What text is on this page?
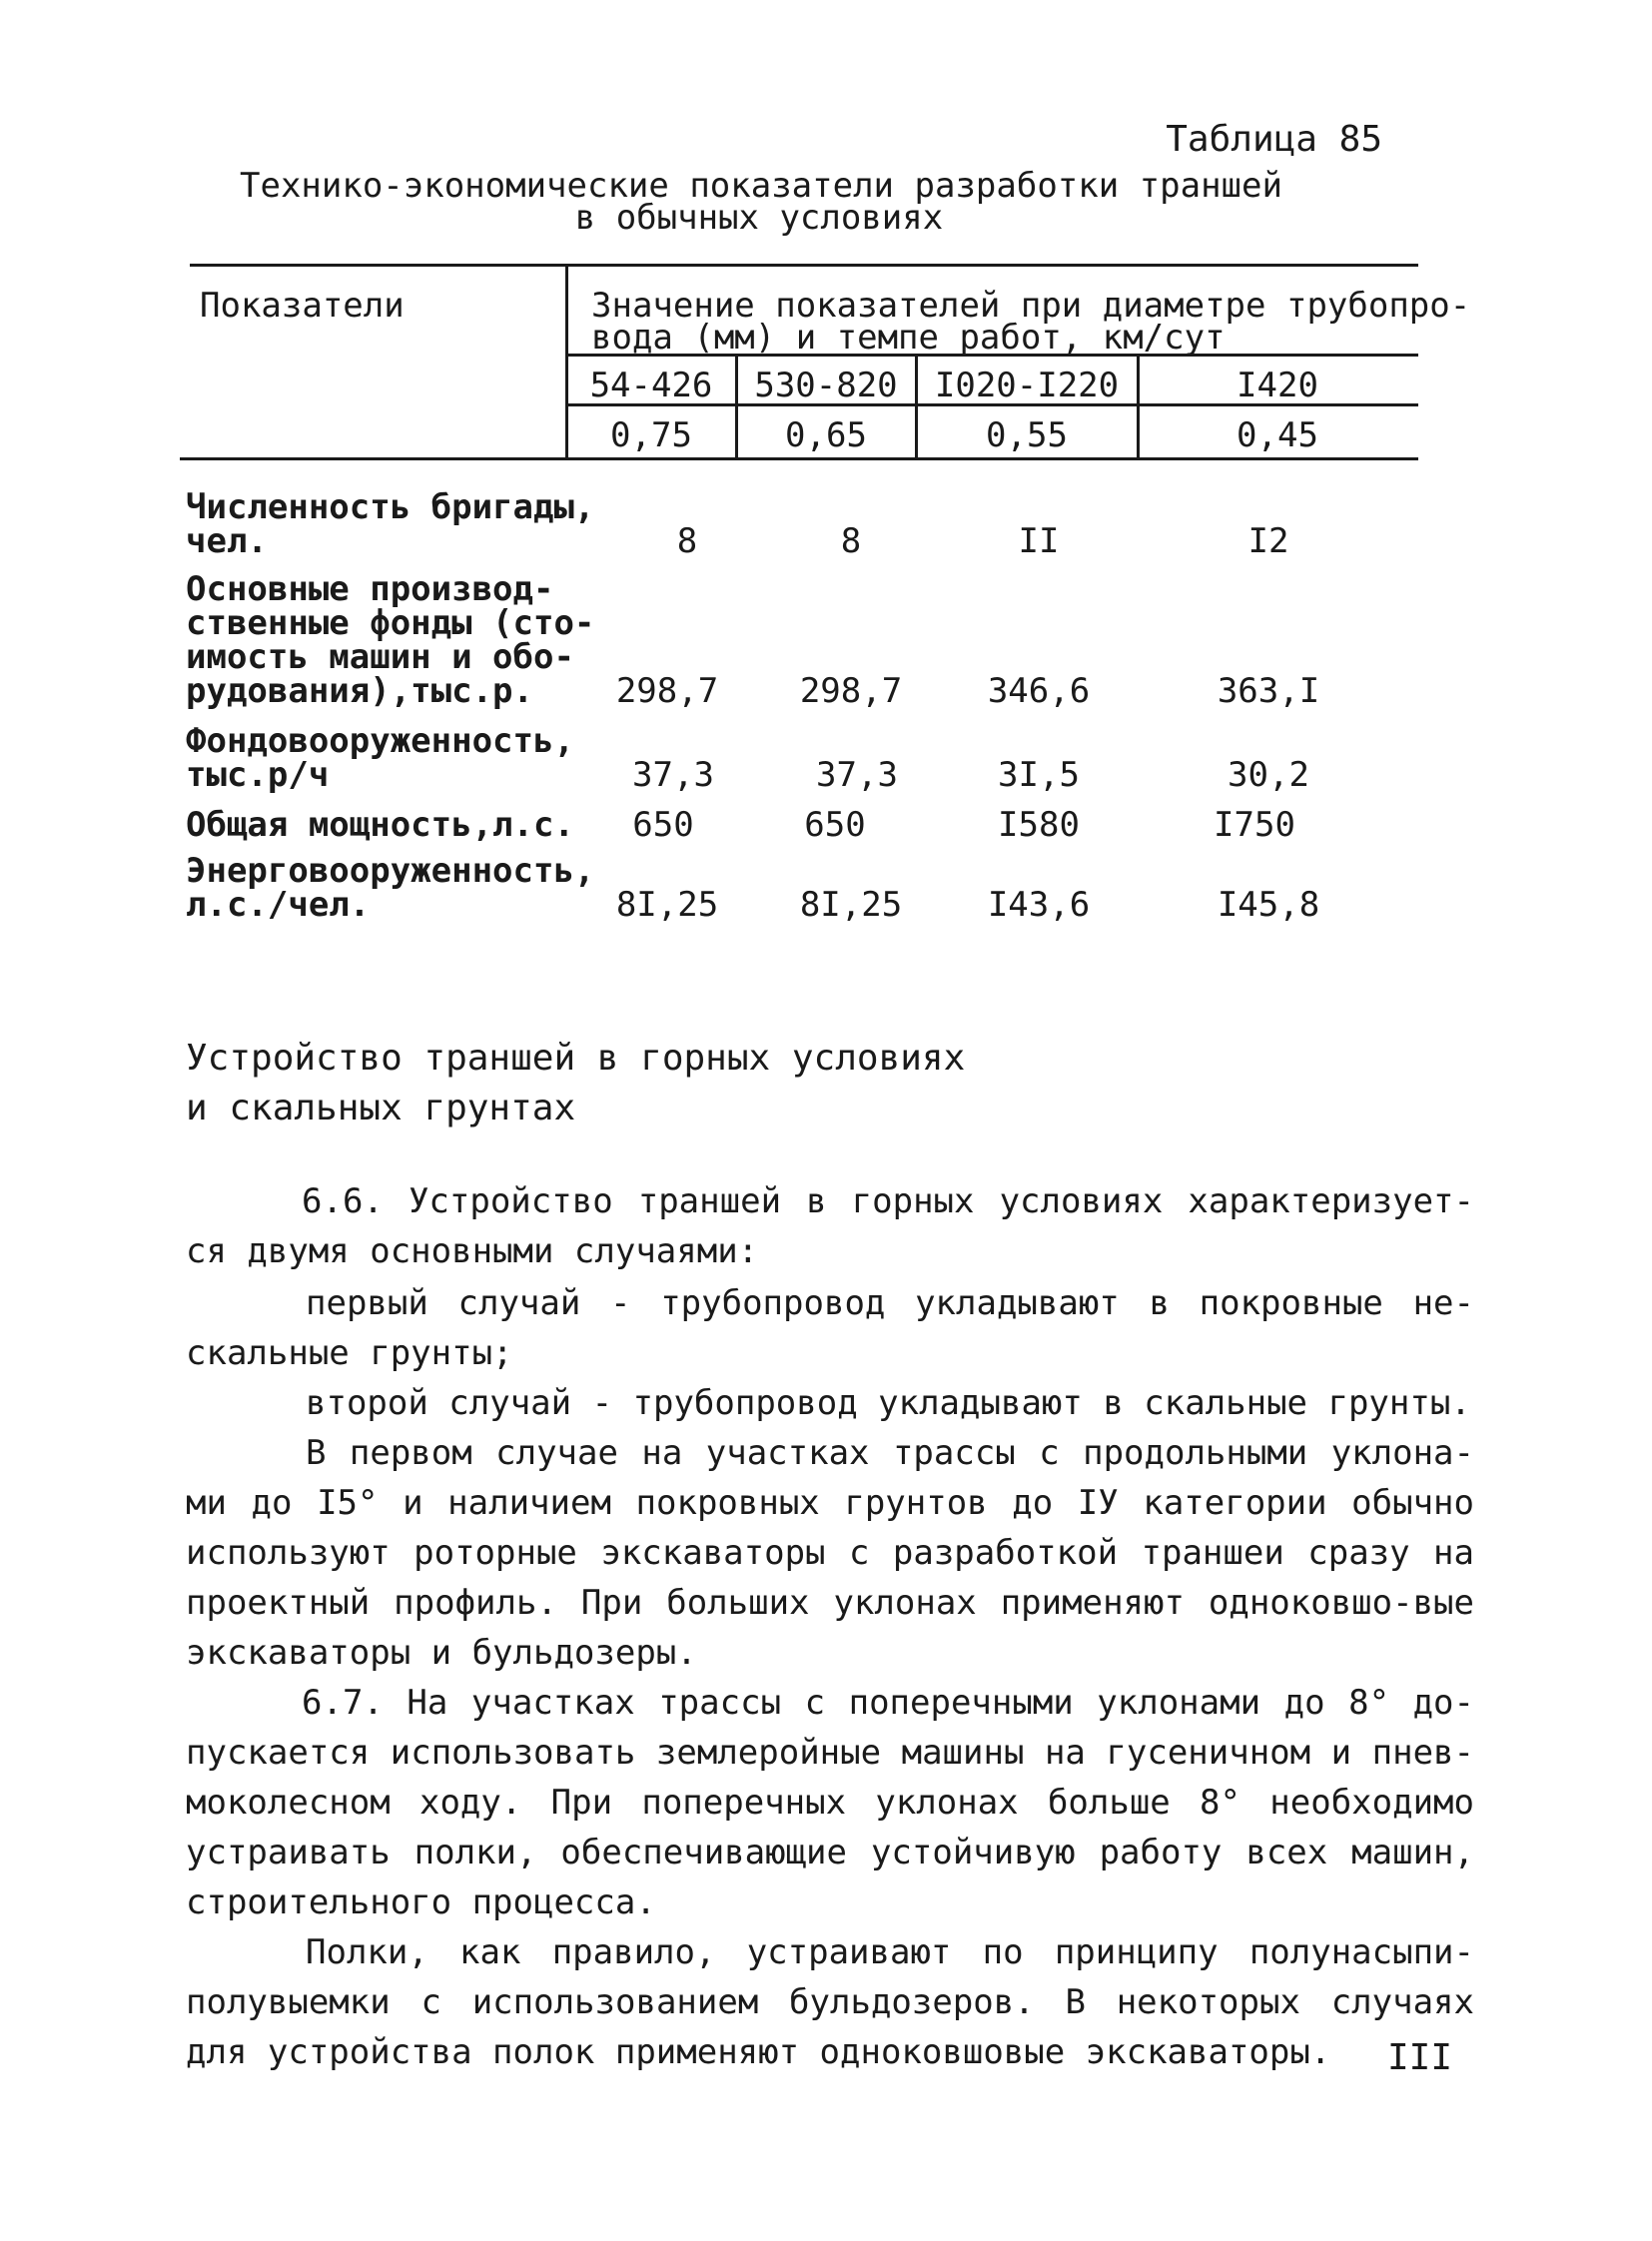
Таблица 85
Технико-экономические показатели разработки траншей
в обычных условиях
Показатели	Значение показателей при диаметре трубопро-
вода (мм) и темпе работ, км/сут
54-426	530-820	I020-I220	I420
0,75	0,65	0,55	0,45
Численность бригады,
чел.	8	8	II	I2
Основные производ-
ственные фонды (сто-
имость машин и обо-
рудования),тыс.р.	298,7	298,7	346,6	363,I
Фондовооруженность,
тыс.р/ч	37,3	37,3	3I,5	30,2
Общая мощность,л.с.	650	650	I580	I750
Энерговооруженность,
л.с./чел.	8I,25	8I,25	I43,6	I45,8
Устройство траншей в горных условиях
и скальных грунтах
6.6. Устройство траншей в горных условиях характеризует-ся двумя основными случаями:
первый случай - трубопровод укладывают в покровные не-скальные грунты;
второй случай - трубопровод укладывают в скальные грунты.
В первом случае на участках трассы с продольными уклона-ми до I5° и наличием покровных грунтов до IУ категории обычно используют роторные экскаваторы с разработкой траншеи сразу на проектный профиль. При больших уклонах применяют одноковшо-вые экскаваторы и бульдозеры.
6.7. На участках трассы с поперечными уклонами до 8° до-пускается использовать землеройные машины на гусеничном и пнев-моколесном ходу. При поперечных уклонах больше 8° необходимо устраивать полки, обеспечивающие устойчивую работу всех машин, строительного процесса.
Полки, как правило, устраивают по принципу полунасыпи-полувыемки с использованием бульдозеров. В некоторых случаях для устройства полок применяют одноковшовые экскаваторы.	III
